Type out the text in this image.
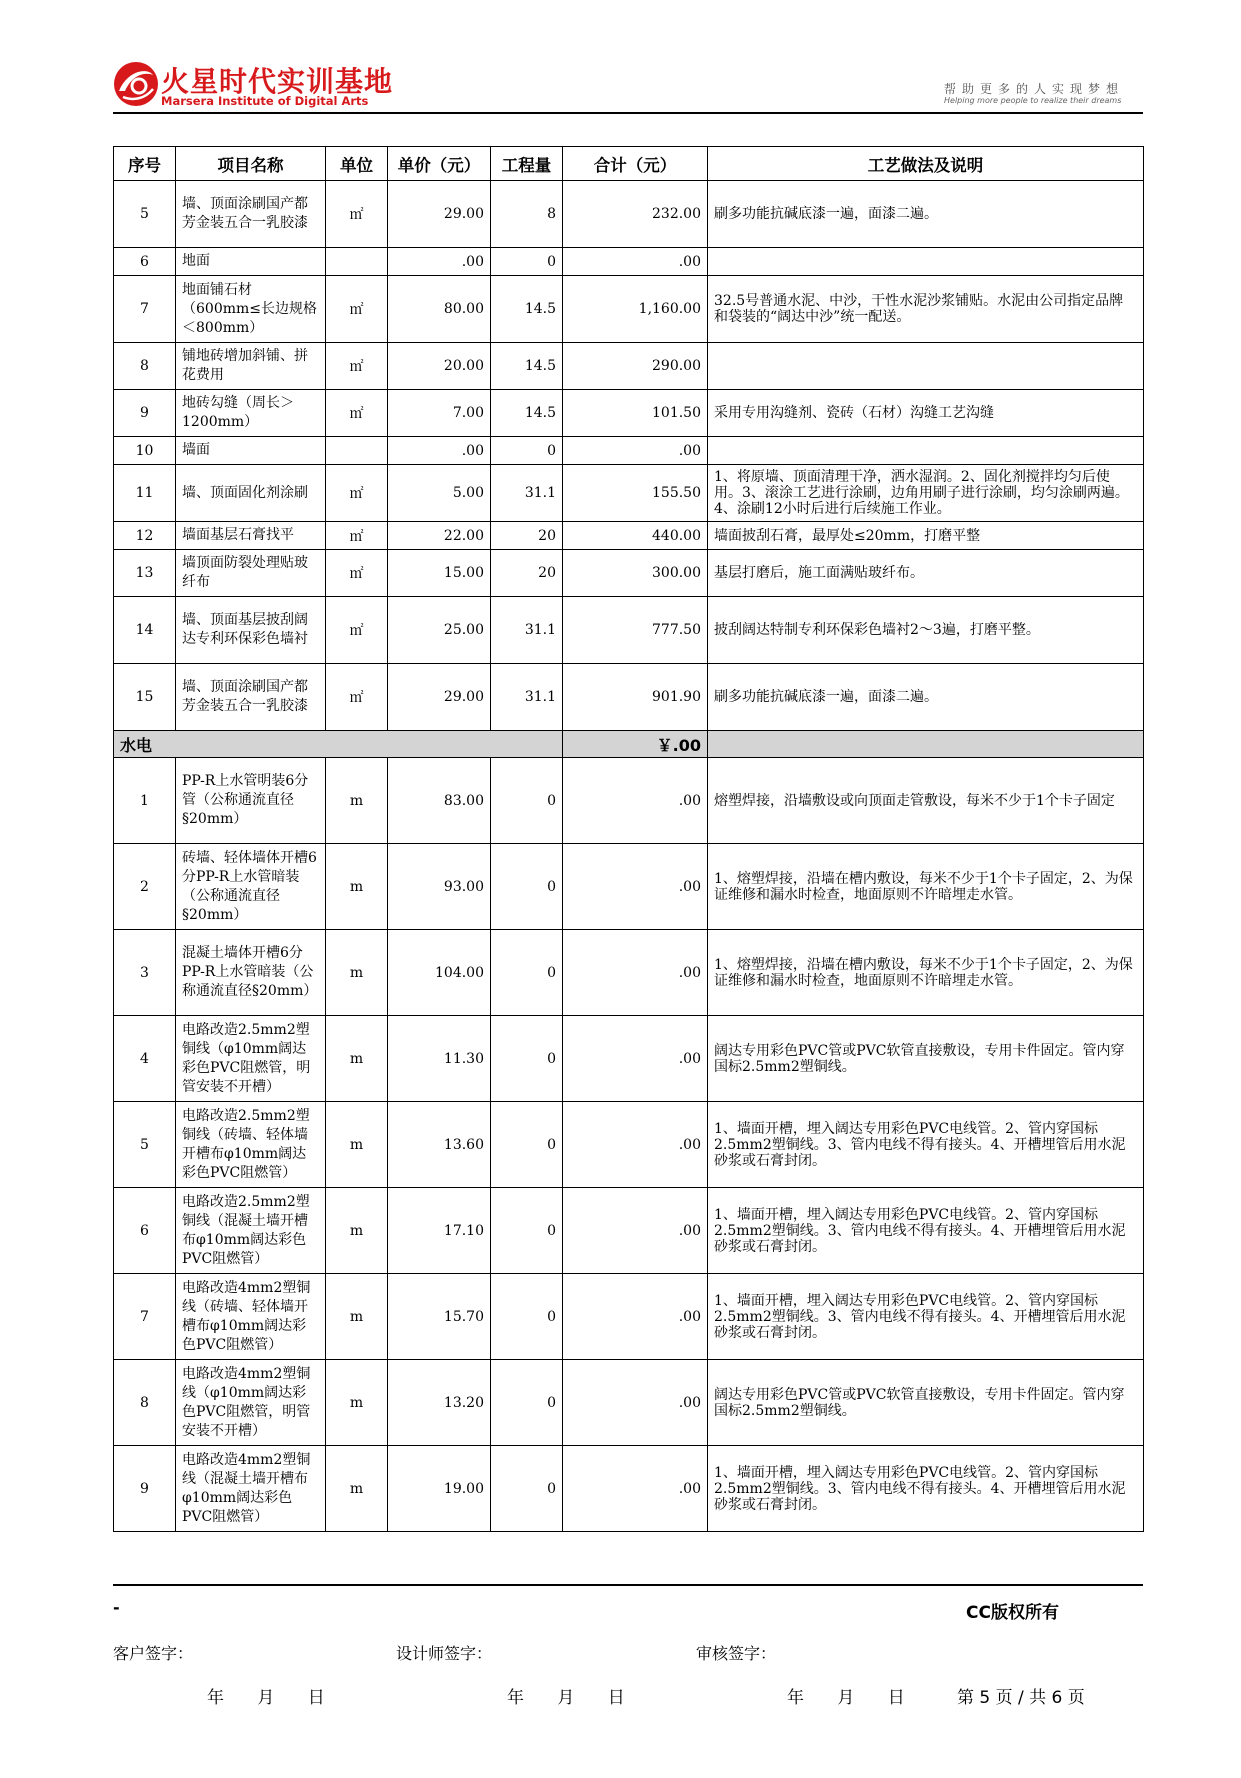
火星时代实训基地
Marsera Institute of Digital Arts
帮助更多的人实现梦想
Helping more people to realize their dreams
序号	项目名称	单位	单价（元）	工程量	合计（元）	工艺做法及说明
5	墙、顶面涂刷国产都芳金装五合一乳胶漆	㎡	29.00	8	232.00	刷多功能抗碱底漆一遍，面漆二遍。
6	地面		.00	0	.00	
7	地面铺石材（600mm≤长边规格＜800mm）	㎡	80.00	14.5	1,160.00	32.5号普通水泥、中沙，干性水泥沙浆铺贴。水泥由公司指定品牌和袋装的“阔达中沙”统一配送。
8	铺地砖增加斜铺、拼花费用	㎡	20.00	14.5	290.00	
9	地砖勾缝（周长＞1200mm）	㎡	7.00	14.5	101.50	采用专用沟缝剂、瓷砖（石材）沟缝工艺沟缝
10	墙面		.00	0	.00	
11	墙、顶面固化剂涂刷	㎡	5.00	31.1	155.50	1、将原墙、顶面清理干净，洒水湿润。2、固化剂搅拌均匀后使用。3、滚涂工艺进行涂刷，边角用刷子进行涂刷，均匀涂刷两遍。4、涂刷12小时后进行后续施工作业。
12	墙面基层石膏找平	㎡	22.00	20	440.00	墙面披刮石膏，最厚处≤20mm，打磨平整
13	墙顶面防裂处理贴玻纤布	㎡	15.00	20	300.00	基层打磨后，施工面满贴玻纤布。
14	墙、顶面基层披刮阔达专利环保彩色墙衬	㎡	25.00	31.1	777.50	披刮阔达特制专利环保彩色墙衬2～3遍，打磨平整。
15	墙、顶面涂刷国产都芳金装五合一乳胶漆	㎡	29.00	31.1	901.90	刷多功能抗碱底漆一遍，面漆二遍。
水电					￥.00	
1	PP-R上水管明装6分管（公称通流直径§20mm）	m	83.00	0	.00	熔塑焊接，沿墙敷设或向顶面走管敷设，每米不少于1个卡子固定
2	砖墙、轻体墙体开槽6分PP-R上水管暗装（公称通流直径§20mm）	m	93.00	0	.00	1、熔塑焊接，沿墙在槽内敷设，每米不少于1个卡子固定，2、为保证维修和漏水时检查，地面原则不许暗埋走水管。
3	混凝土墙体开槽6分PP-R上水管暗装（公称通流直径§20mm）	m	104.00	0	.00	1、熔塑焊接，沿墙在槽内敷设，每米不少于1个卡子固定，2、为保证维修和漏水时检查，地面原则不许暗埋走水管。
4	电路改造2.5mm2塑铜线（φ10mm阔达彩色PVC阻燃管，明管安装不开槽）	m	11.30	0	.00	阔达专用彩色PVC管或PVC软管直接敷设，专用卡件固定。管内穿国标2.5mm2塑铜线。
5	电路改造2.5mm2塑铜线（砖墙、轻体墙开槽布φ10mm阔达彩色PVC阻燃管）	m	13.60	0	.00	1、墙面开槽，埋入阔达专用彩色PVC电线管。2、管内穿国标2.5mm2塑铜线。3、管内电线不得有接头。4、开槽埋管后用水泥砂浆或石膏封闭。
6	电路改造2.5mm2塑铜线（混凝土墙开槽布φ10mm阔达彩色PVC阻燃管）	m	17.10	0	.00	1、墙面开槽，埋入阔达专用彩色PVC电线管。2、管内穿国标2.5mm2塑铜线。3、管内电线不得有接头。4、开槽埋管后用水泥砂浆或石膏封闭。
7	电路改造4mm2塑铜线（砖墙、轻体墙开槽布φ10mm阔达彩色PVC阻燃管）	m	15.70	0	.00	1、墙面开槽，埋入阔达专用彩色PVC电线管。2、管内穿国标2.5mm2塑铜线。3、管内电线不得有接头。4、开槽埋管后用水泥砂浆或石膏封闭。
8	电路改造4mm2塑铜线（φ10mm阔达彩色PVC阻燃管，明管安装不开槽）	m	13.20	0	.00	阔达专用彩色PVC管或PVC软管直接敷设，专用卡件固定。管内穿国标2.5mm2塑铜线。
9	电路改造4mm2塑铜线（混凝土墙开槽布φ10mm阔达彩色PVC阻燃管）	m	19.00	0	.00	1、墙面开槽，埋入阔达专用彩色PVC电线管。2、管内穿国标2.5mm2塑铜线。3、管内电线不得有接头。4、开槽埋管后用水泥砂浆或石膏封闭。
-	CC版权所有
客户签字：	设计师签字：	审核签字：
年 月 日	年 月 日	年 月 日	第 5 页 / 共 6 页
